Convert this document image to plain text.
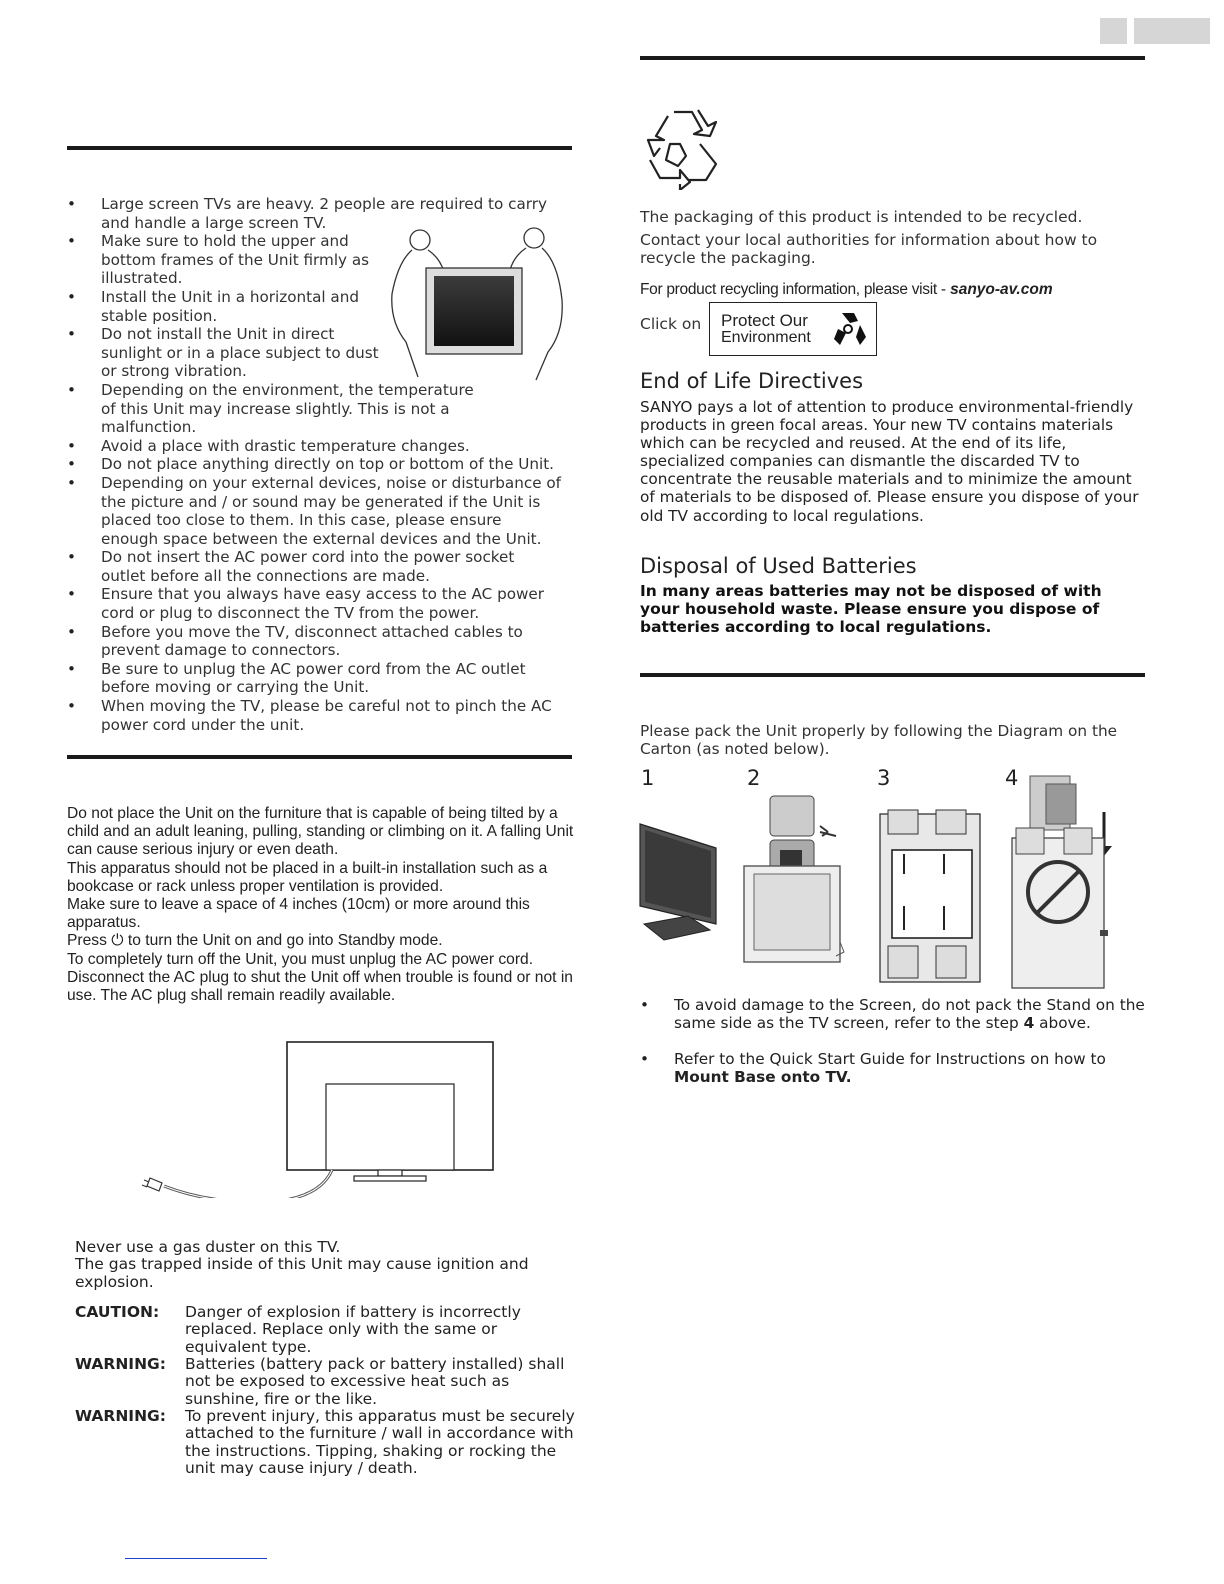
• Large screen TVs are heavy. 2 people are required to carry and handle a large screen TV.
• Make sure to hold the upper and bottom frames of the Unit firmly as illustrated.
• Install the Unit in a horizontal and stable position.
• Do not install the Unit in direct sunlight or in a place subject to dust or strong vibration.
• Depending on the environment, the temperature of this Unit may increase slightly. This is not a malfunction.
• Avoid a place with drastic temperature changes.
• Do not place anything directly on top or bottom of the Unit.
• Depending on your external devices, noise or disturbance of the picture and / or sound may be generated if the Unit is placed too close to them. In this case, please ensure enough space between the external devices and the Unit.
• Do not insert the AC power cord into the power socket outlet before all the connections are made.
• Ensure that you always have easy access to the AC power cord or plug to disconnect the TV from the power.
• Before you move the TV, disconnect attached cables to prevent damage to connectors.
• Be sure to unplug the AC power cord from the AC outlet before moving or carrying the Unit.
• When moving the TV, please be careful not to pinch the AC power cord under the unit.
Do not place the Unit on the furniture that is capable of being tilted by a child and an adult leaning, pulling, standing or climbing on it. A falling Unit can cause serious injury or even death.
This apparatus should not be placed in a built-in installation such as a bookcase or rack unless proper ventilation is provided.
Make sure to leave a space of 4 inches (10cm) or more around this apparatus.
Press ⏻ to turn the Unit on and go into Standby mode.
To completely turn off the Unit, you must unplug the AC power cord.
Disconnect the AC plug to shut the Unit off when trouble is found or not in use. The AC plug shall remain readily available.
Never use a gas duster on this TV.
The gas trapped inside of this Unit may cause ignition and explosion.
CAUTION: Danger of explosion if battery is incorrectly replaced. Replace only with the same or equivalent type.
WARNING: Batteries (battery pack or battery installed) shall not be exposed to excessive heat such as sunshine, fire or the like.
WARNING: To prevent injury, this apparatus must be securely attached to the furniture / wall in accordance with the instructions. Tipping, shaking or rocking the unit may cause injury / death.
The packaging of this product is intended to be recycled.
Contact your local authorities for information about how to recycle the packaging.
For product recycling information, please visit - sanyo-av.com
Click on Protect Our
Environment
End of Life Directives
SANYO pays a lot of attention to produce environmental-friendly products in green focal areas. Your new TV contains materials which can be recycled and reused. At the end of its life, specialized companies can dismantle the discarded TV to concentrate the reusable materials and to minimize the amount of materials to be disposed of. Please ensure you dispose of your old TV according to local regulations.
Disposal of Used Batteries
In many areas batteries may not be disposed of with your household waste. Please ensure you dispose of batteries according to local regulations.
Please pack the Unit properly by following the Diagram on the Carton (as noted below).
1	2	3	4
•	To avoid damage to the Screen, do not pack the Stand on the same side as the TV screen, refer to the step 4 above.
•	Refer to the Quick Start Guide for Instructions on how to Mount Base onto TV.
